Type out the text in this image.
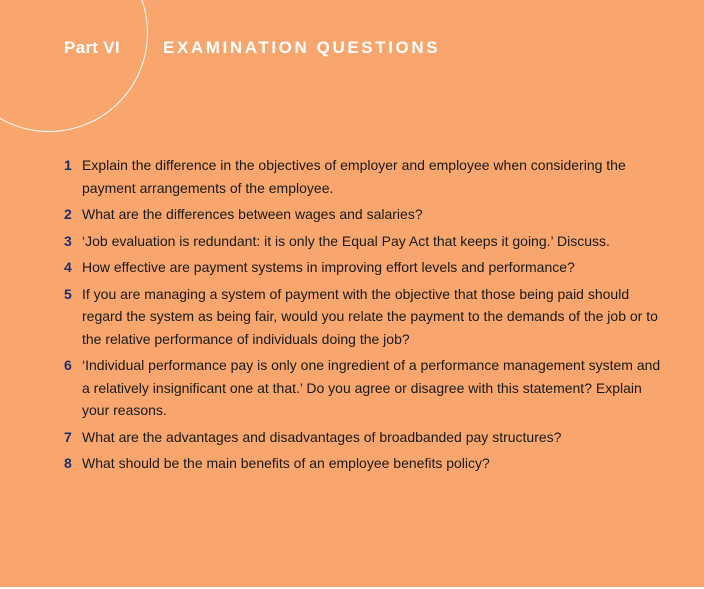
Part VI	EXAMINATION QUESTIONS
1 Explain the difference in the objectives of employer and employee when considering the payment arrangements of the employee.
2 What are the differences between wages and salaries?
3 ‘Job evaluation is redundant: it is only the Equal Pay Act that keeps it going.’ Discuss.
4 How effective are payment systems in improving effort levels and performance?
5 If you are managing a system of payment with the objective that those being paid should regard the system as being fair, would you relate the payment to the demands of the job or to the relative performance of individuals doing the job?
6 ‘Individual performance pay is only one ingredient of a performance management system and a relatively insignificant one at that.’ Do you agree or disagree with this statement? Explain your reasons.
7 What are the advantages and disadvantages of broadbanded pay structures?
8 What should be the main benefits of an employee benefits policy?
